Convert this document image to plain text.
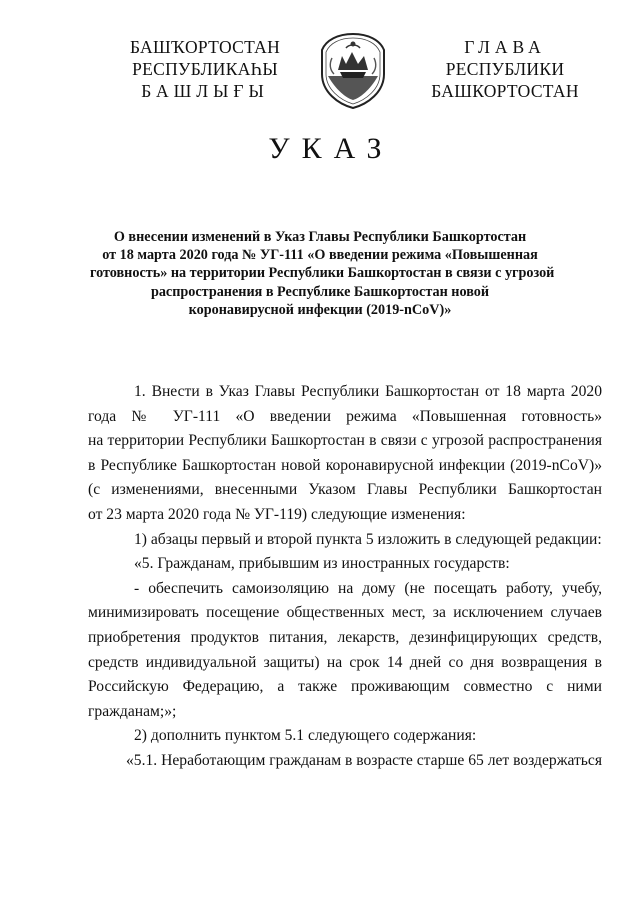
БАШҠОРТОСТАН
РЕСПУБЛИКАҺЫ
БАШЛЫҒЫ
ГЛАВА
РЕСПУБЛИКИ
БАШКОРТОСТАН
УКАЗ
О внесении изменений в Указ Главы Республики Башкортостан
от 18 марта 2020 года № УГ-111 «О введении режима «Повышенная
готовность» на территории Республики Башкортостан в связи с угрозой
распространения в Республике Башкортостан новой
коронавирусной инфекции (2019-nCoV)»
1. Внести в Указ Главы Республики Башкортостан от 18 марта 2020
года № УГ-111 «О введении режима «Повышенная готовность»
на территории Республики Башкортостан в связи с угрозой распространения
в Республике Башкортостан новой коронавирусной инфекции (2019-nCoV)»
(с изменениями, внесенными Указом Главы Республики Башкортостан
от 23 марта 2020 года № УГ-119) следующие изменения:
1) абзацы первый и второй пункта 5 изложить в следующей редакции:
«5. Гражданам, прибывшим из иностранных государств:
- обеспечить самоизоляцию на дому (не посещать работу, учебу,
минимизировать посещение общественных мест, за исключением случаев
приобретения продуктов питания, лекарств, дезинфицирующих средств,
средств индивидуальной защиты) на срок 14 дней со дня возвращения в
Российскую Федерацию, а также проживающим совместно с ними
гражданам;»;
2) дополнить пунктом 5.1 следующего содержания:
«5.1. Неработающим гражданам в возрасте старше 65 лет воздержаться
